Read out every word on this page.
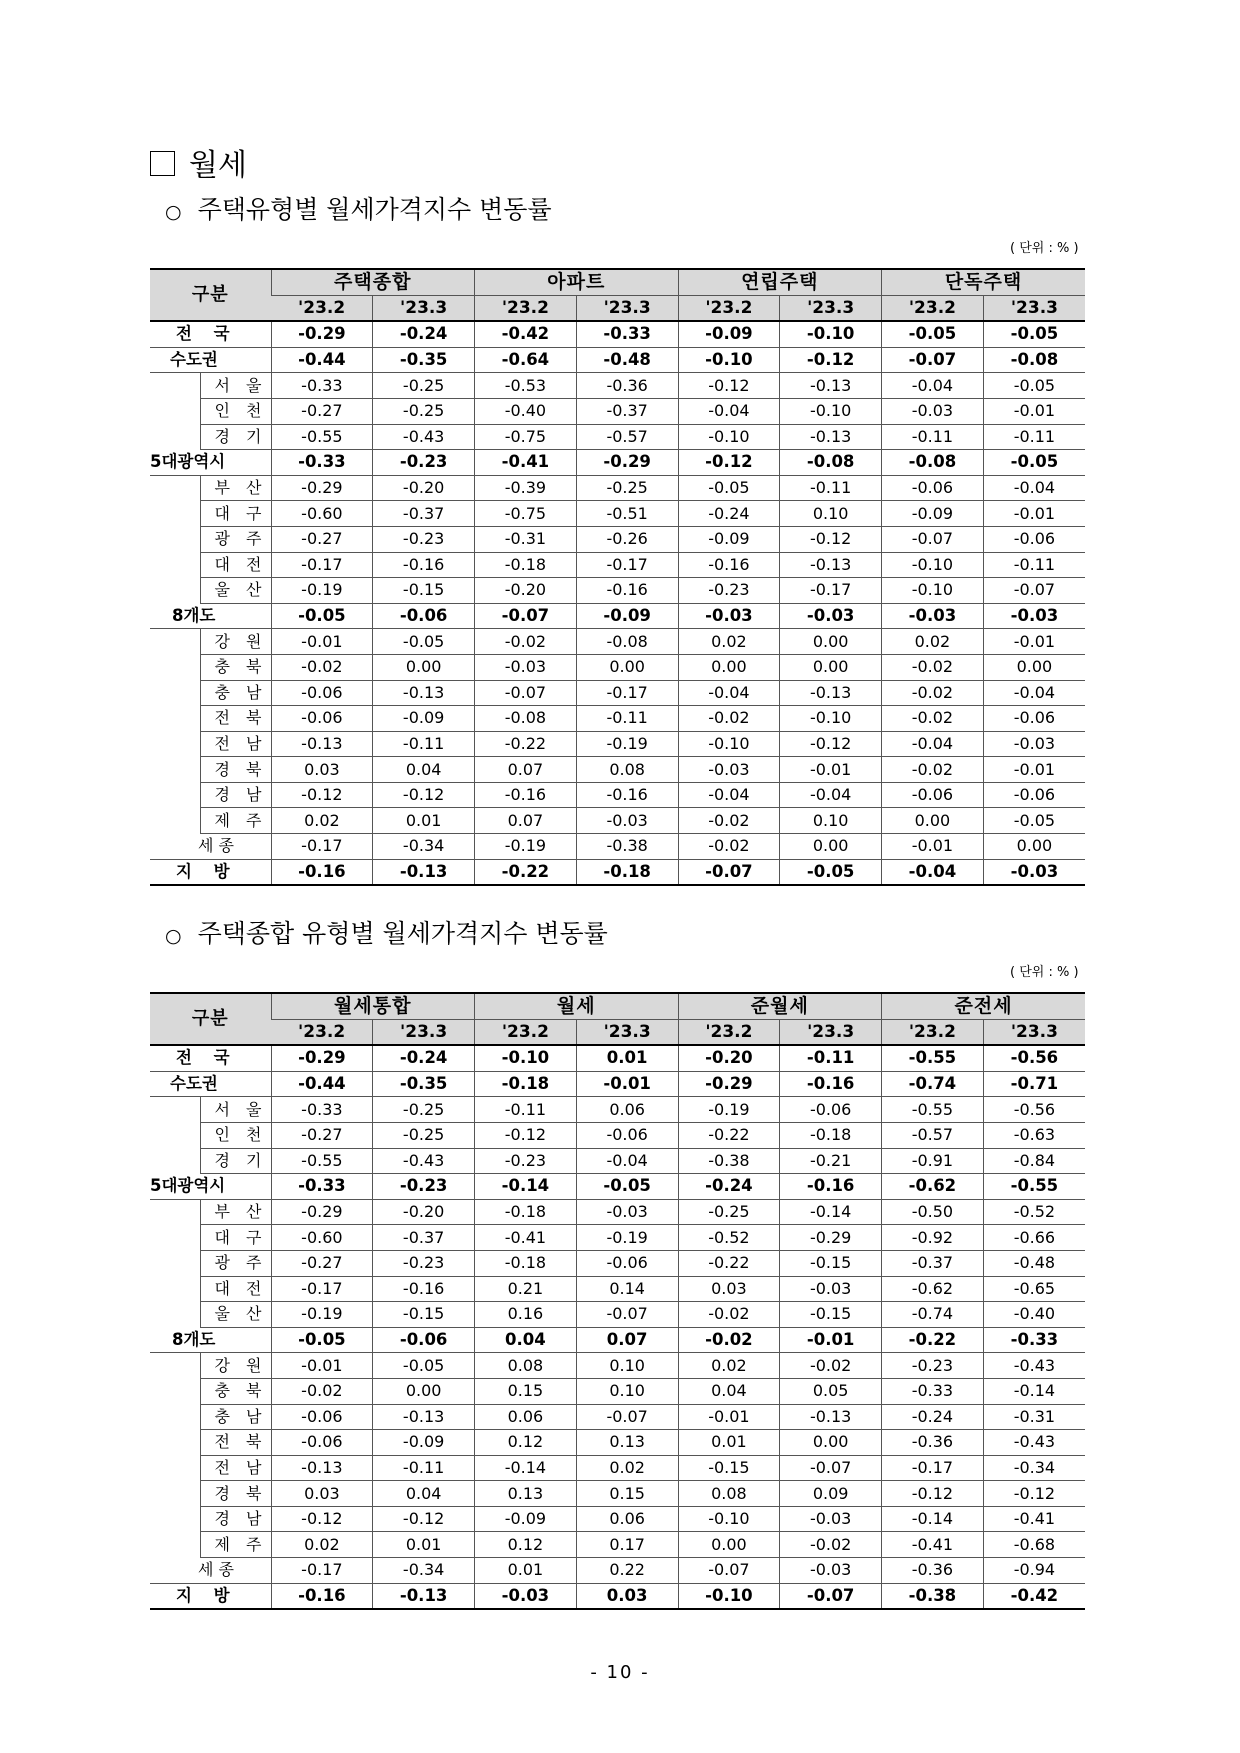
월세
○ 주택유형별 월세가격지수 변동률
( 단위 : % )
구분		주택종합		아파트		연립주택		단독주택	
		'23.2	'23.3	'23.2	'23.3	'23.2	'23.3	'23.2	'23.3
전 국		-0.29	-0.24	-0.42	-0.33	-0.09	-0.10	-0.05	-0.05
수도권		-0.44	-0.35	-0.64	-0.48	-0.10	-0.12	-0.07	-0.08
	서울	-0.33	-0.25	-0.53	-0.36	-0.12	-0.13	-0.04	-0.05
	인천	-0.27	-0.25	-0.40	-0.37	-0.04	-0.10	-0.03	-0.01
	경기	-0.55	-0.43	-0.75	-0.57	-0.10	-0.13	-0.11	-0.11
5대광역시		-0.33	-0.23	-0.41	-0.29	-0.12	-0.08	-0.08	-0.05
	부산	-0.29	-0.20	-0.39	-0.25	-0.05	-0.11	-0.06	-0.04
	대구	-0.60	-0.37	-0.75	-0.51	-0.24	0.10	-0.09	-0.01
	광주	-0.27	-0.23	-0.31	-0.26	-0.09	-0.12	-0.07	-0.06
	대전	-0.17	-0.16	-0.18	-0.17	-0.16	-0.13	-0.10	-0.11
	울산	-0.19	-0.15	-0.20	-0.16	-0.23	-0.17	-0.10	-0.07
8개도		-0.05	-0.06	-0.07	-0.09	-0.03	-0.03	-0.03	-0.03
	강원	-0.01	-0.05	-0.02	-0.08	0.02	0.00	0.02	-0.01
	충북	-0.02	0.00	-0.03	0.00	0.00	0.00	-0.02	0.00
	충남	-0.06	-0.13	-0.07	-0.17	-0.04	-0.13	-0.02	-0.04
	전북	-0.06	-0.09	-0.08	-0.11	-0.02	-0.10	-0.02	-0.06
	전남	-0.13	-0.11	-0.22	-0.19	-0.10	-0.12	-0.04	-0.03
	경북	0.03	0.04	0.07	0.08	-0.03	-0.01	-0.02	-0.01
	경남	-0.12	-0.12	-0.16	-0.16	-0.04	-0.04	-0.06	-0.06
	제주	0.02	0.01	0.07	-0.03	-0.02	0.10	0.00	-0.05
세 종		-0.17	-0.34	-0.19	-0.38	-0.02	0.00	-0.01	0.00
지 방		-0.16	-0.13	-0.22	-0.18	-0.07	-0.05	-0.04	-0.03
○ 주택종합 유형별 월세가격지수 변동률
( 단위 : % )
구분		월세통합		월세		준월세		준전세	
		'23.2	'23.3	'23.2	'23.3	'23.2	'23.3	'23.2	'23.3
전 국		-0.29	-0.24	-0.10	0.01	-0.20	-0.11	-0.55	-0.56
수도권		-0.44	-0.35	-0.18	-0.01	-0.29	-0.16	-0.74	-0.71
	서울	-0.33	-0.25	-0.11	0.06	-0.19	-0.06	-0.55	-0.56
	인천	-0.27	-0.25	-0.12	-0.06	-0.22	-0.18	-0.57	-0.63
	경기	-0.55	-0.43	-0.23	-0.04	-0.38	-0.21	-0.91	-0.84
5대광역시		-0.33	-0.23	-0.14	-0.05	-0.24	-0.16	-0.62	-0.55
	부산	-0.29	-0.20	-0.18	-0.03	-0.25	-0.14	-0.50	-0.52
	대구	-0.60	-0.37	-0.41	-0.19	-0.52	-0.29	-0.92	-0.66
	광주	-0.27	-0.23	-0.18	-0.06	-0.22	-0.15	-0.37	-0.48
	대전	-0.17	-0.16	0.21	0.14	0.03	-0.03	-0.62	-0.65
	울산	-0.19	-0.15	0.16	-0.07	-0.02	-0.15	-0.74	-0.40
8개도		-0.05	-0.06	0.04	0.07	-0.02	-0.01	-0.22	-0.33
	강원	-0.01	-0.05	0.08	0.10	0.02	-0.02	-0.23	-0.43
	충북	-0.02	0.00	0.15	0.10	0.04	0.05	-0.33	-0.14
	충남	-0.06	-0.13	0.06	-0.07	-0.01	-0.13	-0.24	-0.31
	전북	-0.06	-0.09	0.12	0.13	0.01	0.00	-0.36	-0.43
	전남	-0.13	-0.11	-0.14	0.02	-0.15	-0.07	-0.17	-0.34
	경북	0.03	0.04	0.13	0.15	0.08	0.09	-0.12	-0.12
	경남	-0.12	-0.12	-0.09	0.06	-0.10	-0.03	-0.14	-0.41
	제주	0.02	0.01	0.12	0.17	0.00	-0.02	-0.41	-0.68
세 종		-0.17	-0.34	0.01	0.22	-0.07	-0.03	-0.36	-0.94
지 방		-0.16	-0.13	-0.03	0.03	-0.10	-0.07	-0.38	-0.42
- 10 -
